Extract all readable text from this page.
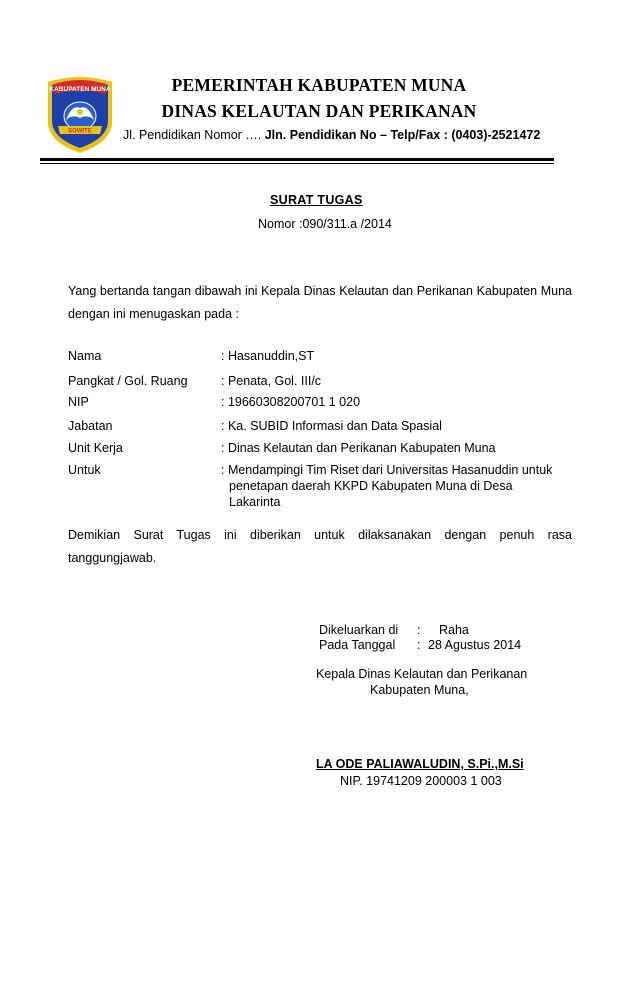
KABUPATEN MUNA
SOWITE
PEMERINTAH KABUPATEN MUNA
DINAS KELAUTAN DAN PERIKANAN
Jl. Pendidikan Nomor …. Jln. Pendidikan No – Telp/Fax : (0403)-2521472
SURAT TUGAS
Nomor :090/311.a /2014
Yang bertanda tangan dibawah ini Kepala Dinas Kelautan dan Perikanan Kabupaten Muna dengan ini menugaskan pada :
Nama	: Hasanuddin,ST
Pangkat / Gol. Ruang	: Penata, Gol. III/c
NIP	: 19660308200701 1 020
Jabatan	: Ka. SUBID Informasi dan Data Spasial
Unit Kerja	: Dinas Kelautan dan Perikanan Kabupaten Muna
Untuk	: Mendampingi Tim Riset dari Universitas Hasanuddin untuk
penetapan daerah KKPD Kabupaten Muna di Desa
Lakarinta
Demikian Surat Tugas ini diberikan untuk dilaksanakan dengan penuh rasa tanggungjawab.
Dikeluarkan di : Raha
Pada Tanggal : 28 Agustus 2014
Kepala Dinas Kelautan dan Perikanan
Kabupaten Muna,
LA ODE PALIAWALUDIN, S.Pi.,M.Si
NIP. 19741209 200003 1 003
